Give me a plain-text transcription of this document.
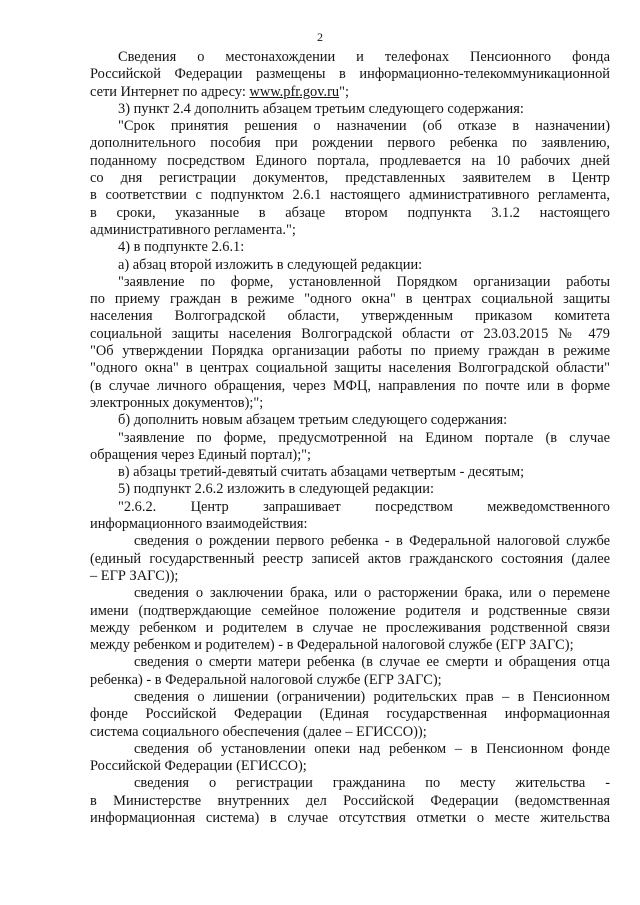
2

Сведения о местонахождении и телефонах Пенсионного фонда

Российской Федерации размещены в информационно-телекоммуникационной

сети Интернет по адресу: www.pfr.gov.ru";

3) пункт 2.4 дополнить абзацем третьим следующего содержания:

"Срок принятия решения о назначении (об отказе в назначении)

дополнительного пособия при рождении первого ребенка по заявлению,

поданному посредством Единого портала, продлевается на 10 рабочих дней

со дня регистрации документов, представленных заявителем в Центр

в соответствии с подпунктом 2.6.1 настоящего административного регламента,

в сроки, указанные в абзаце втором подпункта 3.1.2 настоящего

административного регламента.";

4) в подпункте 2.6.1:

а) абзац второй изложить в следующей редакции:

"заявление по форме, установленной Порядком организации работы

по приему граждан в режиме "одного окна" в центрах социальной защиты

населения Волгоградской области, утвержденным приказом комитета

социальной защиты населения Волгоградской области от 23.03.2015 № 479

"Об утверждении Порядка организации работы по приему граждан в режиме

"одного окна" в центрах социальной защиты населения Волгоградской области"

(в случае личного обращения, через МФЦ, направления по почте или в форме

электронных документов);";

б) дополнить новым абзацем третьим следующего содержания:

"заявление по форме, предусмотренной на Едином портале (в случае

обращения через Единый портал);";

в) абзацы третий-девятый считать абзацами четвертым - десятым;

5) подпункт 2.6.2 изложить в следующей редакции:

"2.6.2. Центр запрашивает посредством межведомственного

информационного взаимодействия:

сведения о рождении первого ребенка - в Федеральной налоговой службе

(единый государственный реестр записей актов гражданского состояния (далее

– ЕГР ЗАГС));

сведения о заключении брака, или о расторжении брака, или о перемене

имени (подтверждающие семейное положение родителя и родственные связи

между ребенком и родителем в случае не прослеживания родственной связи

между ребенком и родителем) - в Федеральной налоговой службе (ЕГР ЗАГС);

сведения о смерти матери ребенка (в случае ее смерти и обращения отца

ребенка) - в Федеральной налоговой службе (ЕГР ЗАГС);

сведения о лишении (ограничении) родительских прав – в Пенсионном

фонде Российской Федерации (Единая государственная информационная

система социального обеспечения (далее – ЕГИССО));

сведения об установлении опеки над ребенком – в Пенсионном фонде

Российской Федерации (ЕГИССО);

сведения о регистрации гражданина по месту жительства -

в Министерстве внутренних дел Российской Федерации (ведомственная

информационная система) в случае отсутствия отметки о месте жительства
